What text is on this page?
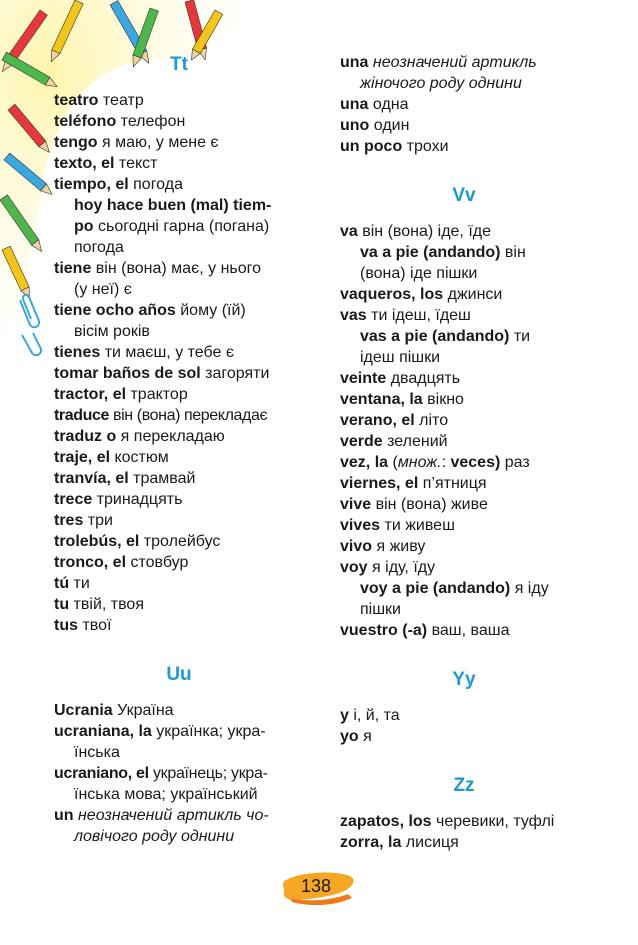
Tt
teatro театр
teléfono телефон
tengo я маю, у мене є
texto, el текст
tiempo, el погода
hoy hace buen (mal) tiem-
po сьогодні гарна (погана)
погода
tiene він (вона) має, у нього
(у неї) є
tiene ocho años йому (їй)
вісім років
tienes ти маєш, у тебе є
tomar baños de sol загоряти
tractor, el трактор
traduce він (вона) перекладає
traduz o я перекладаю
traje, el костюм
tranvía, el трамвай
trece тринадцять
tres три
trolebús, el тролейбус
tronco, el стовбур
tú ти
tu твій, твоя
tus твої
Uu
Ucrania Україна
ucraniana, la українка; укра-
їнська
ucraniano, el українець; укра-
їнська мова; український
un неозначений артикль чо-
ловічого роду однини
una неозначений артикль
жіночого роду однини
una одна
uno один
un poco трохи
Vv
va він (вона) іде, їде
va a pie (andando) він
(вона) іде пішки
vaqueros, los джинси
vas ти ідеш, їдеш
vas a pie (andando) ти
ідеш пішки
veinte двадцять
ventana, la вікно
verano, el літо
verde зелений
vez, la (множ.: veces) раз
viernes, el п’ятниця
vive він (вона) живе
vives ти живеш
vivo я живу
voy я іду, їду
voy a pie (andando) я іду
пішки
vuestro (-a) ваш, ваша
Yy
y і, й, та
yo я
Zz
zapatos, los черевики, туфлі
zorra, la лисиця
138
